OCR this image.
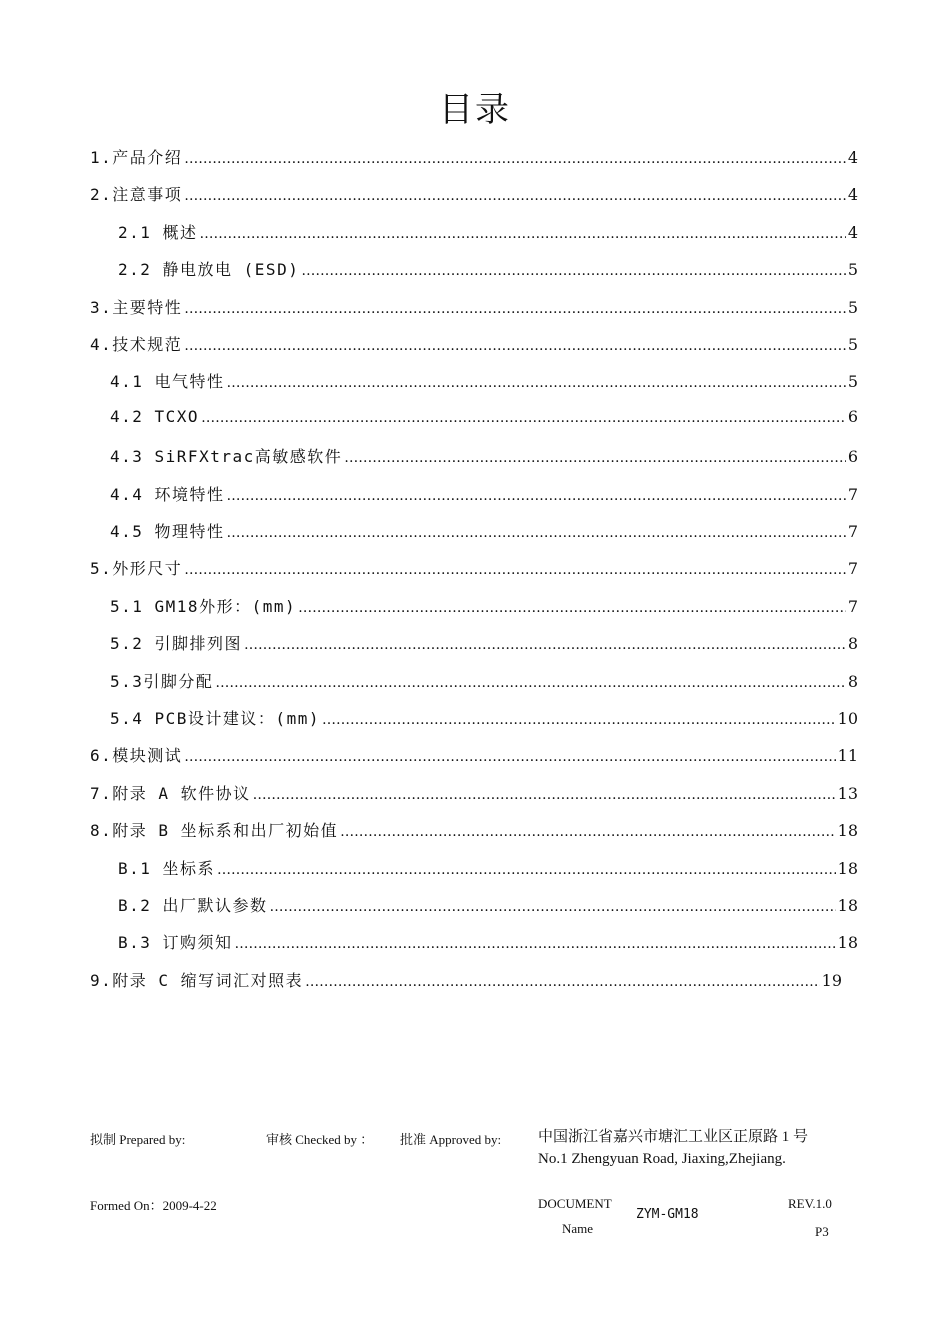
目录
1.产品介绍 ………………………………………………………………………………………………………………………………………………………………………………………………………………………………	4
2.注意事项 ………………………………………………………………………………………………………………………………………………………………………………………………………………………………	4
2.1 概述 ………………………………………………………………………………………………………………………………………………………………………………………………………………………………	4
2.2 静电放电 (ESD) ………………………………………………………………………………………………………………………………………………………………………………………………………………………………	5
3.主要特性 ………………………………………………………………………………………………………………………………………………………………………………………………………………………………	5
4.技术规范 ………………………………………………………………………………………………………………………………………………………………………………………………………………………………	5
4.1 电气特性 ………………………………………………………………………………………………………………………………………………………………………………………………………………………………	5
4.2 TCXO ………………………………………………………………………………………………………………………………………………………………………………………………………………………………	6
4.3 SiRFXtrac高敏感软件 ………………………………………………………………………………………………………………………………………………………………………………………………………………………………	6
4.4 环境特性 ………………………………………………………………………………………………………………………………………………………………………………………………………………………………	7
4.5 物理特性 ………………………………………………………………………………………………………………………………………………………………………………………………………………………………	7
5.外形尺寸 ………………………………………………………………………………………………………………………………………………………………………………………………………………………………	7
5.1 GM18外形：(mm) ………………………………………………………………………………………………………………………………………………………………………………………………………………………………	7
5.2 引脚排列图 ………………………………………………………………………………………………………………………………………………………………………………………………………………………………	8
5.3引脚分配 ………………………………………………………………………………………………………………………………………………………………………………………………………………………………	8
5.4 PCB设计建议：(mm) ………………………………………………………………………………………………………………………………………………………………………………………………………………………………	10
6.模块测试 ………………………………………………………………………………………………………………………………………………………………………………………………………………………………	11
7.附录 A 软件协议 ………………………………………………………………………………………………………………………………………………………………………………………………………………………………	13
8.附录 B 坐标系和出厂初始值 ………………………………………………………………………………………………………………………………………………………………………………………………………………………………	18
B.1 坐标系 ………………………………………………………………………………………………………………………………………………………………………………………………………………………………	18
B.2 出厂默认参数 ………………………………………………………………………………………………………………………………………………………………………………………………………………………………	18
B.3 订购须知 ………………………………………………………………………………………………………………………………………………………………………………………………………………………………	18
9.附录 C 缩写词汇对照表 ………………………………………………………………………………………………………………………………………………………………………………………………………………………………	19
拟制 Prepared by:	审核 Checked by ： 批准 Approved by: 中国浙江省嘉兴市塘汇工业区正原路 1 号
No.1 Zhengyuan Road, Jiaxing,Zhejiang.
Formed On：2009-4-22	DOCUMENT
Name
ZYM-GM18
REV.1.0
P3
